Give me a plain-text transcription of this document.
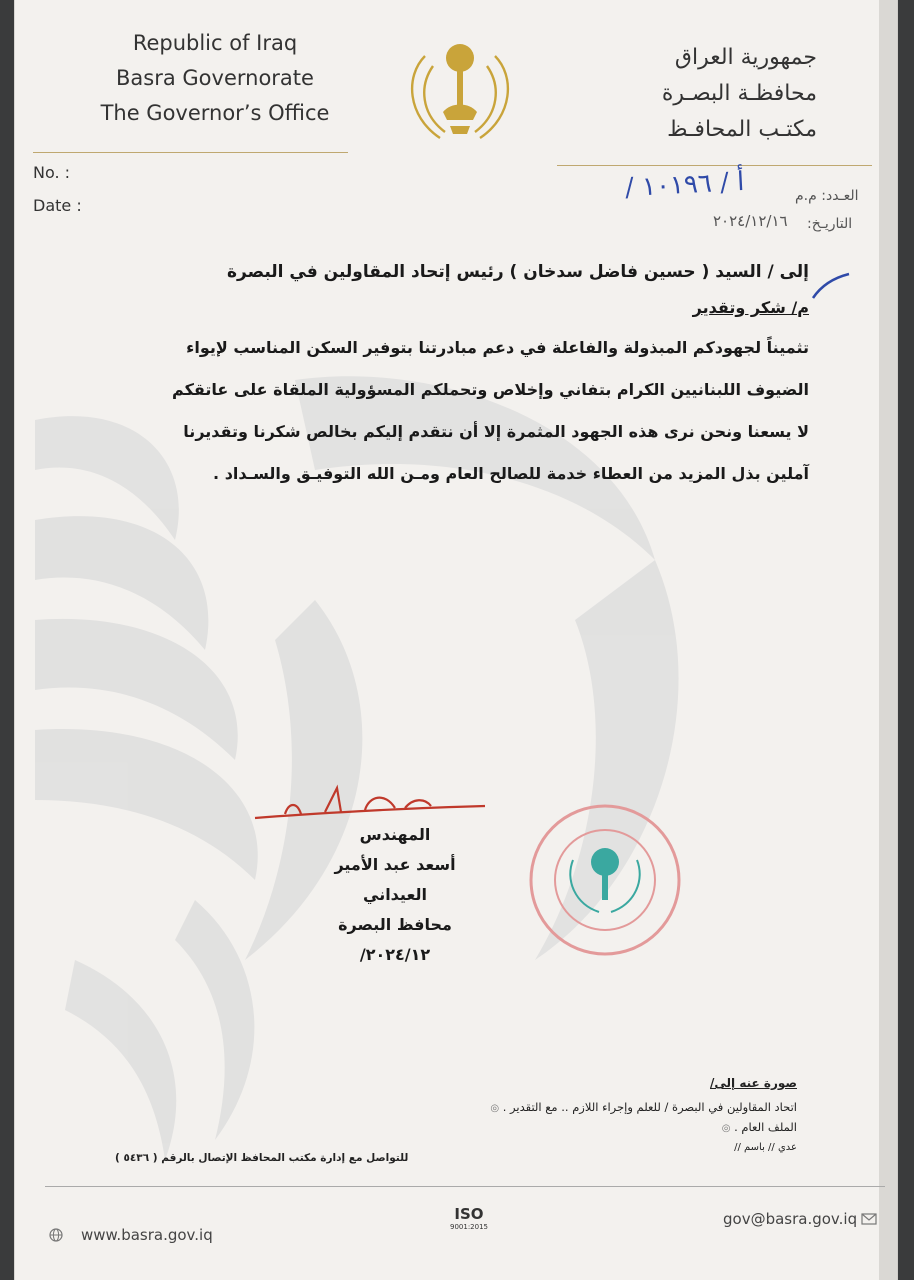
Republic of Iraq
Basra Governorate
The Governor’s Office
جمهورية العراق
محافظـة البصـرة
مكتـب المحافـظ
No. :
Date :	العـدد: م.م
/ أ / ١٠١٩٦
التاريـخ:
٢٠٢٤/١٢/١٦
إلى / السيد ( حسين فاضل سدخان ) رئيس إتحاد المقاولين في البصرة
م/ شكر وتقدير
تثميناً لجهودكم المبذولة والفاعلة في دعم مبادرتنا بتوفير السكن المناسب لإيواء
الضيوف اللبنانيين الكرام بتفاني وإخلاص وتحملكم المسؤولية الملقاة على عاتقكم
لا يسعنا ونحن نرى هذه الجهود المثمرة إلا أن نتقدم إليكم بخالص شكرنا وتقديرنا
آملين بذل المزيد من العطاء خدمة للصالح العام ومـن الله التوفيـق والسـداد .
المهندس
أسعد عبد الأمير العيداني
محافظ البصرة
٢٠٢٤/١٢/
صورة عنه إلى/
اتحاد المقاولين في البصرة / للعلم وإجراء اللازم .. مع التقدير . ◎
الملف العام . ◎
عدي // باسم //
للتواصل مع إدارة مكتب المحافظ الإتصال بالرقم ( ٥٤٣٦ )
www.basra.gov.iq
ISO
9001:2015	gov@basra.gov.iq
